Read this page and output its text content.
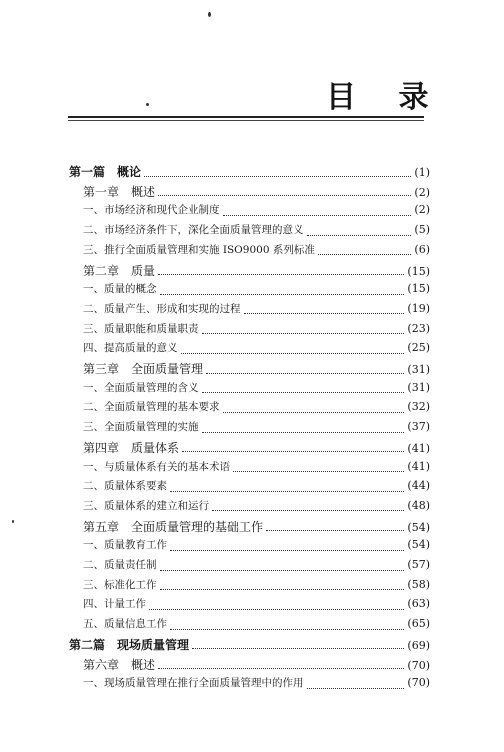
目 录
第一篇　概论	(1)
第一章　概述	(2)
一、市场经济和现代企业制度	(2)
二、市场经济条件下，深化全面质量管理的意义	(5)
三、推行全面质量管理和实施 ISO9000 系列标准	(6)
第二章　质量	(15)
一、质量的概念	(15)
二、质量产生、形成和实现的过程	(19)
三、质量职能和质量职责	(23)
四、提高质量的意义	(25)
第三章　全面质量管理	(31)
一、全面质量管理的含义	(31)
二、全面质量管理的基本要求	(32)
三、全面质量管理的实施	(37)
第四章　质量体系	(41)
一、与质量体系有关的基本术语	(41)
二、质量体系要素	(44)
三、质量体系的建立和运行	(48)
第五章　全面质量管理的基础工作	(54)
一、质量教育工作	(54)
二、质量责任制	(57)
三、标准化工作	(58)
四、计量工作	(63)
五、质量信息工作	(65)
第二篇　现场质量管理	(69)
第六章　概述	(70)
一、现场质量管理在推行全面质量管理中的作用	(70)
